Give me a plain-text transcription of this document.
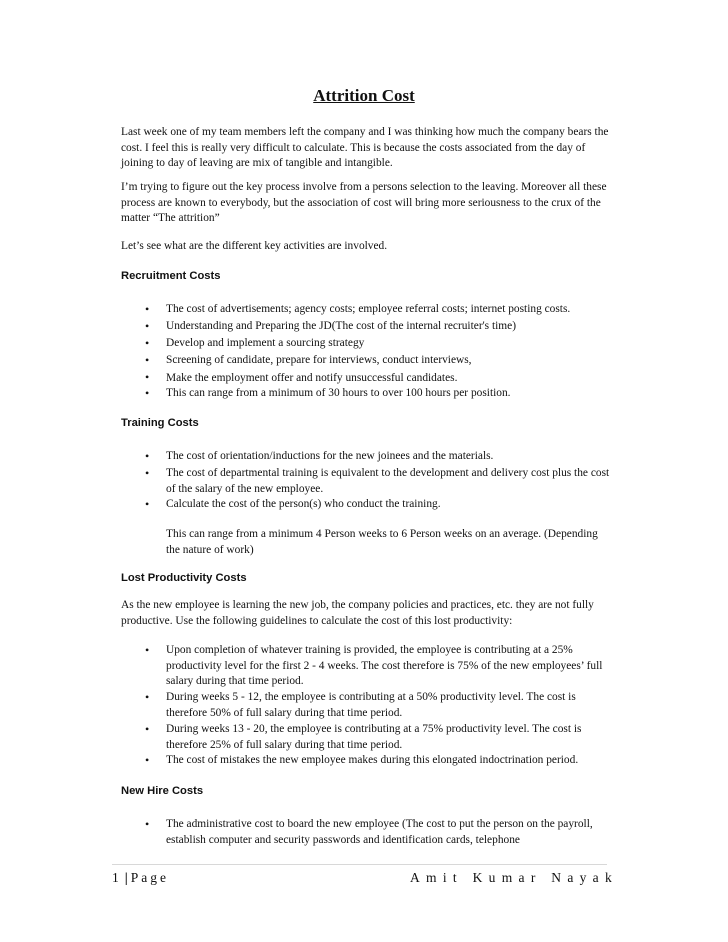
Attrition Cost

Last week one of my team members left the company and I was thinking how much the company bears the cost. I feel this is really very difficult to calculate. This is because the costs associated from the day of joining to day of leaving are mix of tangible and intangible.

I’m trying to figure out the key process involve from a persons selection to the leaving. Moreover all these process are known to everybody, but the association of cost will bring more seriousness to the crux of the matter “The attrition”

Let’s see what are the different key activities are involved.

Recruitment Costs
•	The cost of advertisements; agency costs; employee referral costs; internet posting costs.

•	Understanding and Preparing the JD(The cost of the internal recruiter's time)

•	Develop and implement a sourcing strategy

•	Screening of candidate, prepare for interviews, conduct interviews,

•	Make the employment offer and notify unsuccessful candidates.

•	This can range from a minimum of 30 hours to over 100 hours per position.

Training Costs
•	The cost of orientation/inductions for the new joinees and the materials.

•	The cost of departmental training is equivalent to the development and delivery cost plus the cost of the salary of the new employee.

•	Calculate the cost of the person(s) who conduct the training.

This can range from a minimum 4 Person weeks to 6 Person weeks on an average. (Depending the nature of work)

Lost Productivity Costs

As the new employee is learning the new job, the company policies and practices, etc. they are not fully productive. Use the following guidelines to calculate the cost of this lost productivity:

•	Upon completion of whatever training is provided, the employee is contributing at a 25% productivity level for the first 2 - 4 weeks. The cost therefore is 75% of the new employees’ full salary during that time period.

•	During weeks 5 - 12, the employee is contributing at a 50% productivity level. The cost is therefore 50% of full salary during that time period.

•	During weeks 13 - 20, the employee is contributing at a 75% productivity level. The cost is therefore 25% of full salary during that time period.

•	The cost of mistakes the new employee makes during this elongated indoctrination period.

New Hire Costs
•	The administrative cost to board the new employee (The cost to put the person on the payroll, establish computer and security passwords and identification cards, telephone

1 | Page	Amit Kumar Nayak
